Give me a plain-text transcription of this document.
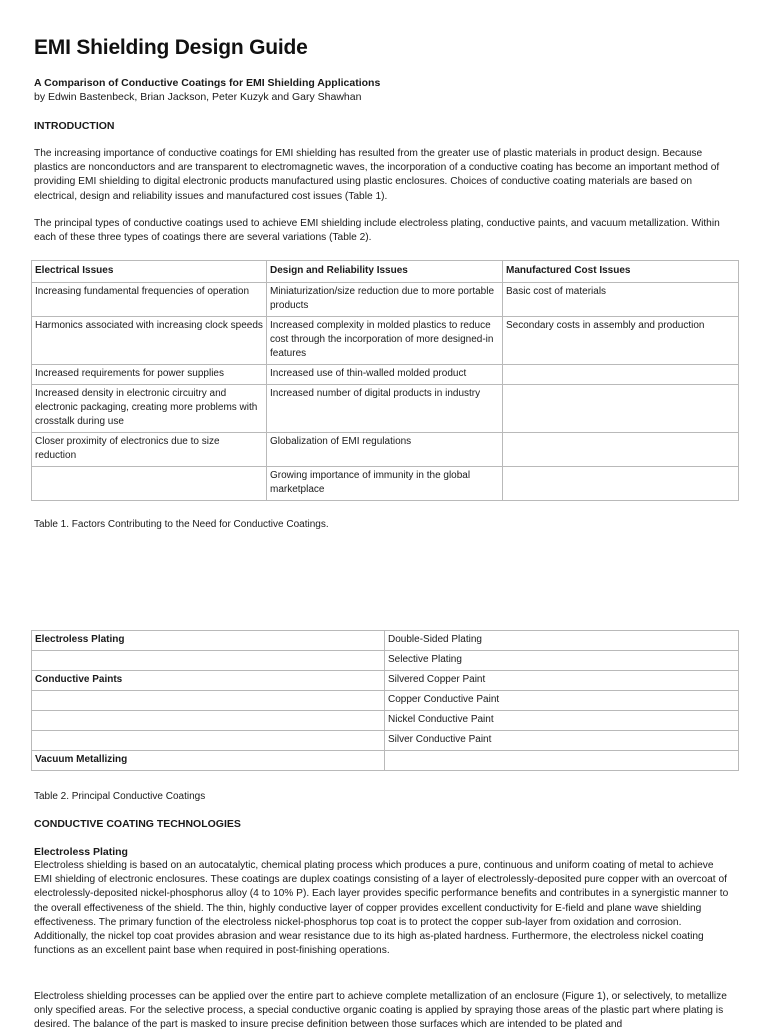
EMI Shielding Design Guide
A Comparison of Conductive Coatings for EMI Shielding Applications
by Edwin Bastenbeck, Brian Jackson, Peter Kuzyk and Gary Shawhan
INTRODUCTION

The increasing importance of conductive coatings for EMI shielding has resulted from the greater use of plastic materials in product design. Because plastics are nonconductors and are transparent to electromagnetic waves, the incorporation of a conductive coating has become an important method of providing EMI shielding to digital electronic products manufactured using plastic enclosures. Choices of conductive coating materials are based on electrical, design and reliability issues and manufactured cost issues (Table 1).

The principal types of conductive coatings used to achieve EMI shielding include electroless plating, conductive paints, and vacuum metallization. Within each of these three types of coatings there are several variations (Table 2).

Electrical Issues	Design and Reliability Issues	Manufactured Cost Issues
Increasing fundamental frequencies of operation	Miniaturization/size reduction due to more portable products	Basic cost of materials
Harmonics associated with increasing clock speeds	Increased complexity in molded plastics to reduce cost through the incorporation of more designed-in features	Secondary costs in assembly and production
Increased requirements for power supplies	Increased use of thin-walled molded product	
Increased density in electronic circuitry and electronic packaging, creating more problems with crosstalk during use	Increased number of digital products in industry	
Closer proximity of electronics due to size reduction	Globalization of EMI regulations	
	Growing importance of immunity in the global marketplace	
Table 1. Factors Contributing to the Need for Conductive Coatings.
Electroless Plating	Double-Sided Plating
	Selective Plating
Conductive Paints	Silvered Copper Paint
	Copper Conductive Paint
	Nickel Conductive Paint
	Silver Conductive Paint
Vacuum Metallizing	
Table 2. Principal Conductive Coatings
CONDUCTIVE COATING TECHNOLOGIES
Electroless Plating

Electroless shielding is based on an autocatalytic, chemical plating process which produces a pure, continuous and uniform coating of metal to achieve EMI shielding of electronic enclosures. These coatings are duplex coatings consisting of a layer of electrolessly-deposited pure copper with an overcoat of electrolessly-deposited nickel-phosphorus alloy (4 to 10% P). Each layer provides specific performance benefits and contributes in a synergistic manner to the overall effectiveness of the shield. The thin, highly conductive layer of copper provides excellent conductivity for E-field and plane wave shielding effectiveness. The primary function of the electroless nickel-phosphorus top coat is to protect the copper sub-layer from oxidation and corrosion. Additionally, the nickel top coat provides abrasion and wear resistance due to its high as-plated hardness. Furthermore, the electroless nickel coating functions as an excellent paint base when required in post-finishing operations.

Electroless shielding processes can be applied over the entire part to achieve complete metallization of an enclosure (Figure 1), or selectively, to metallize only specified areas. For the selective process, a special conductive organic coating is applied by spraying those areas of the plastic part where plating is desired. The balance of the part is masked to insure precise definition between those surfaces which are intended to be plated and
